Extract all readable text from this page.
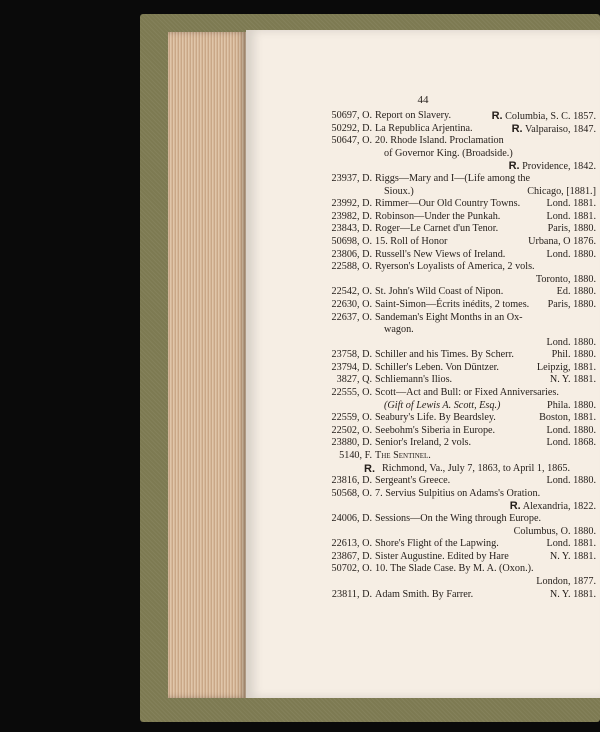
44
50697, O. Report on Slavery.	R. Columbia, S. C. 1857.
50292, D. La Republica Arjentina.	R. Valparaiso, 1847.
50647, O. 20. Rhode Island. Proclamation
of Governor King. (Broadside.)
R. Providence, 1842.
23937, D. Riggs—Mary and I—(Life among the
Sioux.)	Chicago, [1881.]
23992, D. Rimmer—Our Old Country Towns.	Lond. 1881.
23982, D. Robinson—Under the Punkah.	Lond. 1881.
23843, D. Roger—Le Carnet d'un Tenor.	Paris, 1880.
50698, O. 15. Roll of Honor	Urbana, O 1876.
23806, D. Russell's New Views of Ireland.	Lond. 1880.
22588, O. Ryerson's Loyalists of America, 2 vols.
Toronto, 1880.
22542, O. St. John's Wild Coast of Nipon.	Ed. 1880.
22630, O. Saint-Simon—Écrits inédits, 2 tomes. Paris, 1880.
22637, O. Sandeman's Eight Months in an Ox-
wagon.
Lond. 1880.
23758, D. Schiller and his Times. By Scherr.	Phil. 1880.
23794, D. Schiller's Leben. Von Düntzer.	Leipzig, 1881.
3827, Q. Schliemann's Ilios.	N. Y. 1881.
22555, O. Scott—Act and Bull: or Fixed Anniversaries.
(Gift of Lewis A. Scott, Esq.)	Phila. 1880.
22559, O. Seabury's Life. By Beardsley.	Boston, 1881.
22502, O. Seebohm's Siberia in Europe.	Lond. 1880.
23880, D. Senior's Ireland, 2 vols.	Lond. 1868.
5140, F. The Sentinel.
R. Richmond, Va., July 7, 1863, to April 1, 1865.
23816, D. Sergeant's Greece.	Lond. 1880.
50568, O. 7. Servius Sulpitius on Adams's Oration.
R. Alexandria, 1822.
24006, D. Sessions—On the Wing through Europe.
Columbus, O. 1880.
22613, O. Shore's Flight of the Lapwing.	Lond. 1881.
23867, D. Sister Augustine. Edited by Hare	N. Y. 1881.
50702, O. 10. The Slade Case. By M. A. (Oxon.).
London, 1877.
23811, D. Adam Smith. By Farrer.	N. Y. 1881.
